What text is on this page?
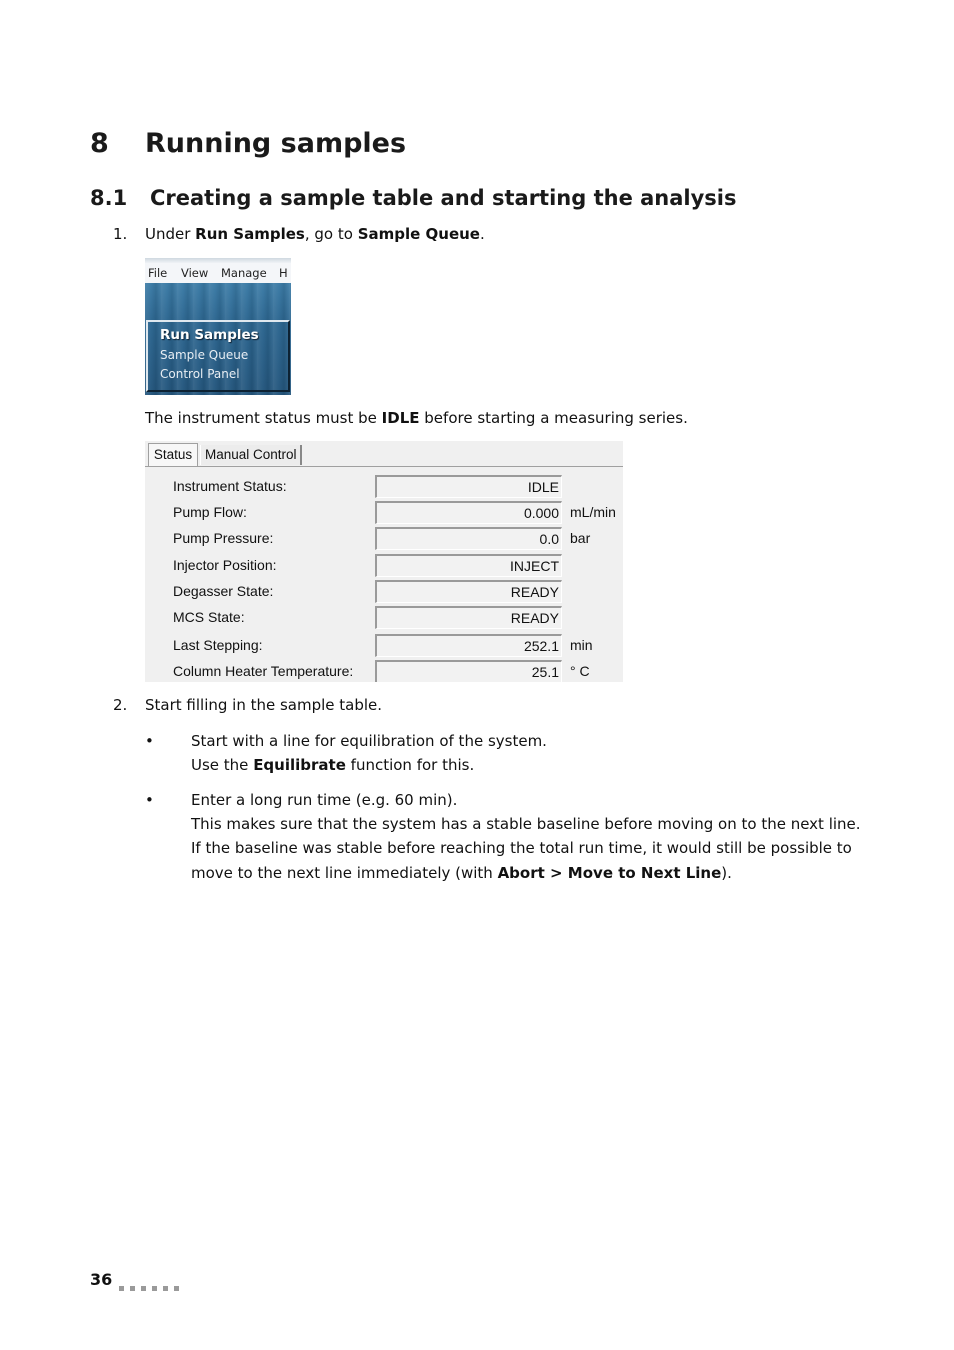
8 Running samples
8.1 Creating a sample table and starting the analysis
1. Under Run Samples, go to Sample Queue.
File View Manage H
Run Samples
Sample Queue
Control Panel
The instrument status must be IDLE before starting a measuring series.
Status Manual Control
Instrument Status:	IDLE
Pump Flow:	0.000 mL/min
Pump Pressure:	0.0 bar
Injector Position:	INJECT
Degasser State:	READY
MCS State:	READY
Last Stepping:	252.1 min
Column Heater Temperature:	25.1 ° C
2. Start filling in the sample table.
• Start with a line for equilibration of the system.
Use the Equilibrate function for this.
• Enter a long run time (e.g. 60 min).
This makes sure that the system has a stable baseline before moving on to the next line.
If the baseline was stable before reaching the total run time, it would still be possible to
move to the next line immediately (with Abort > Move to Next Line).
36
